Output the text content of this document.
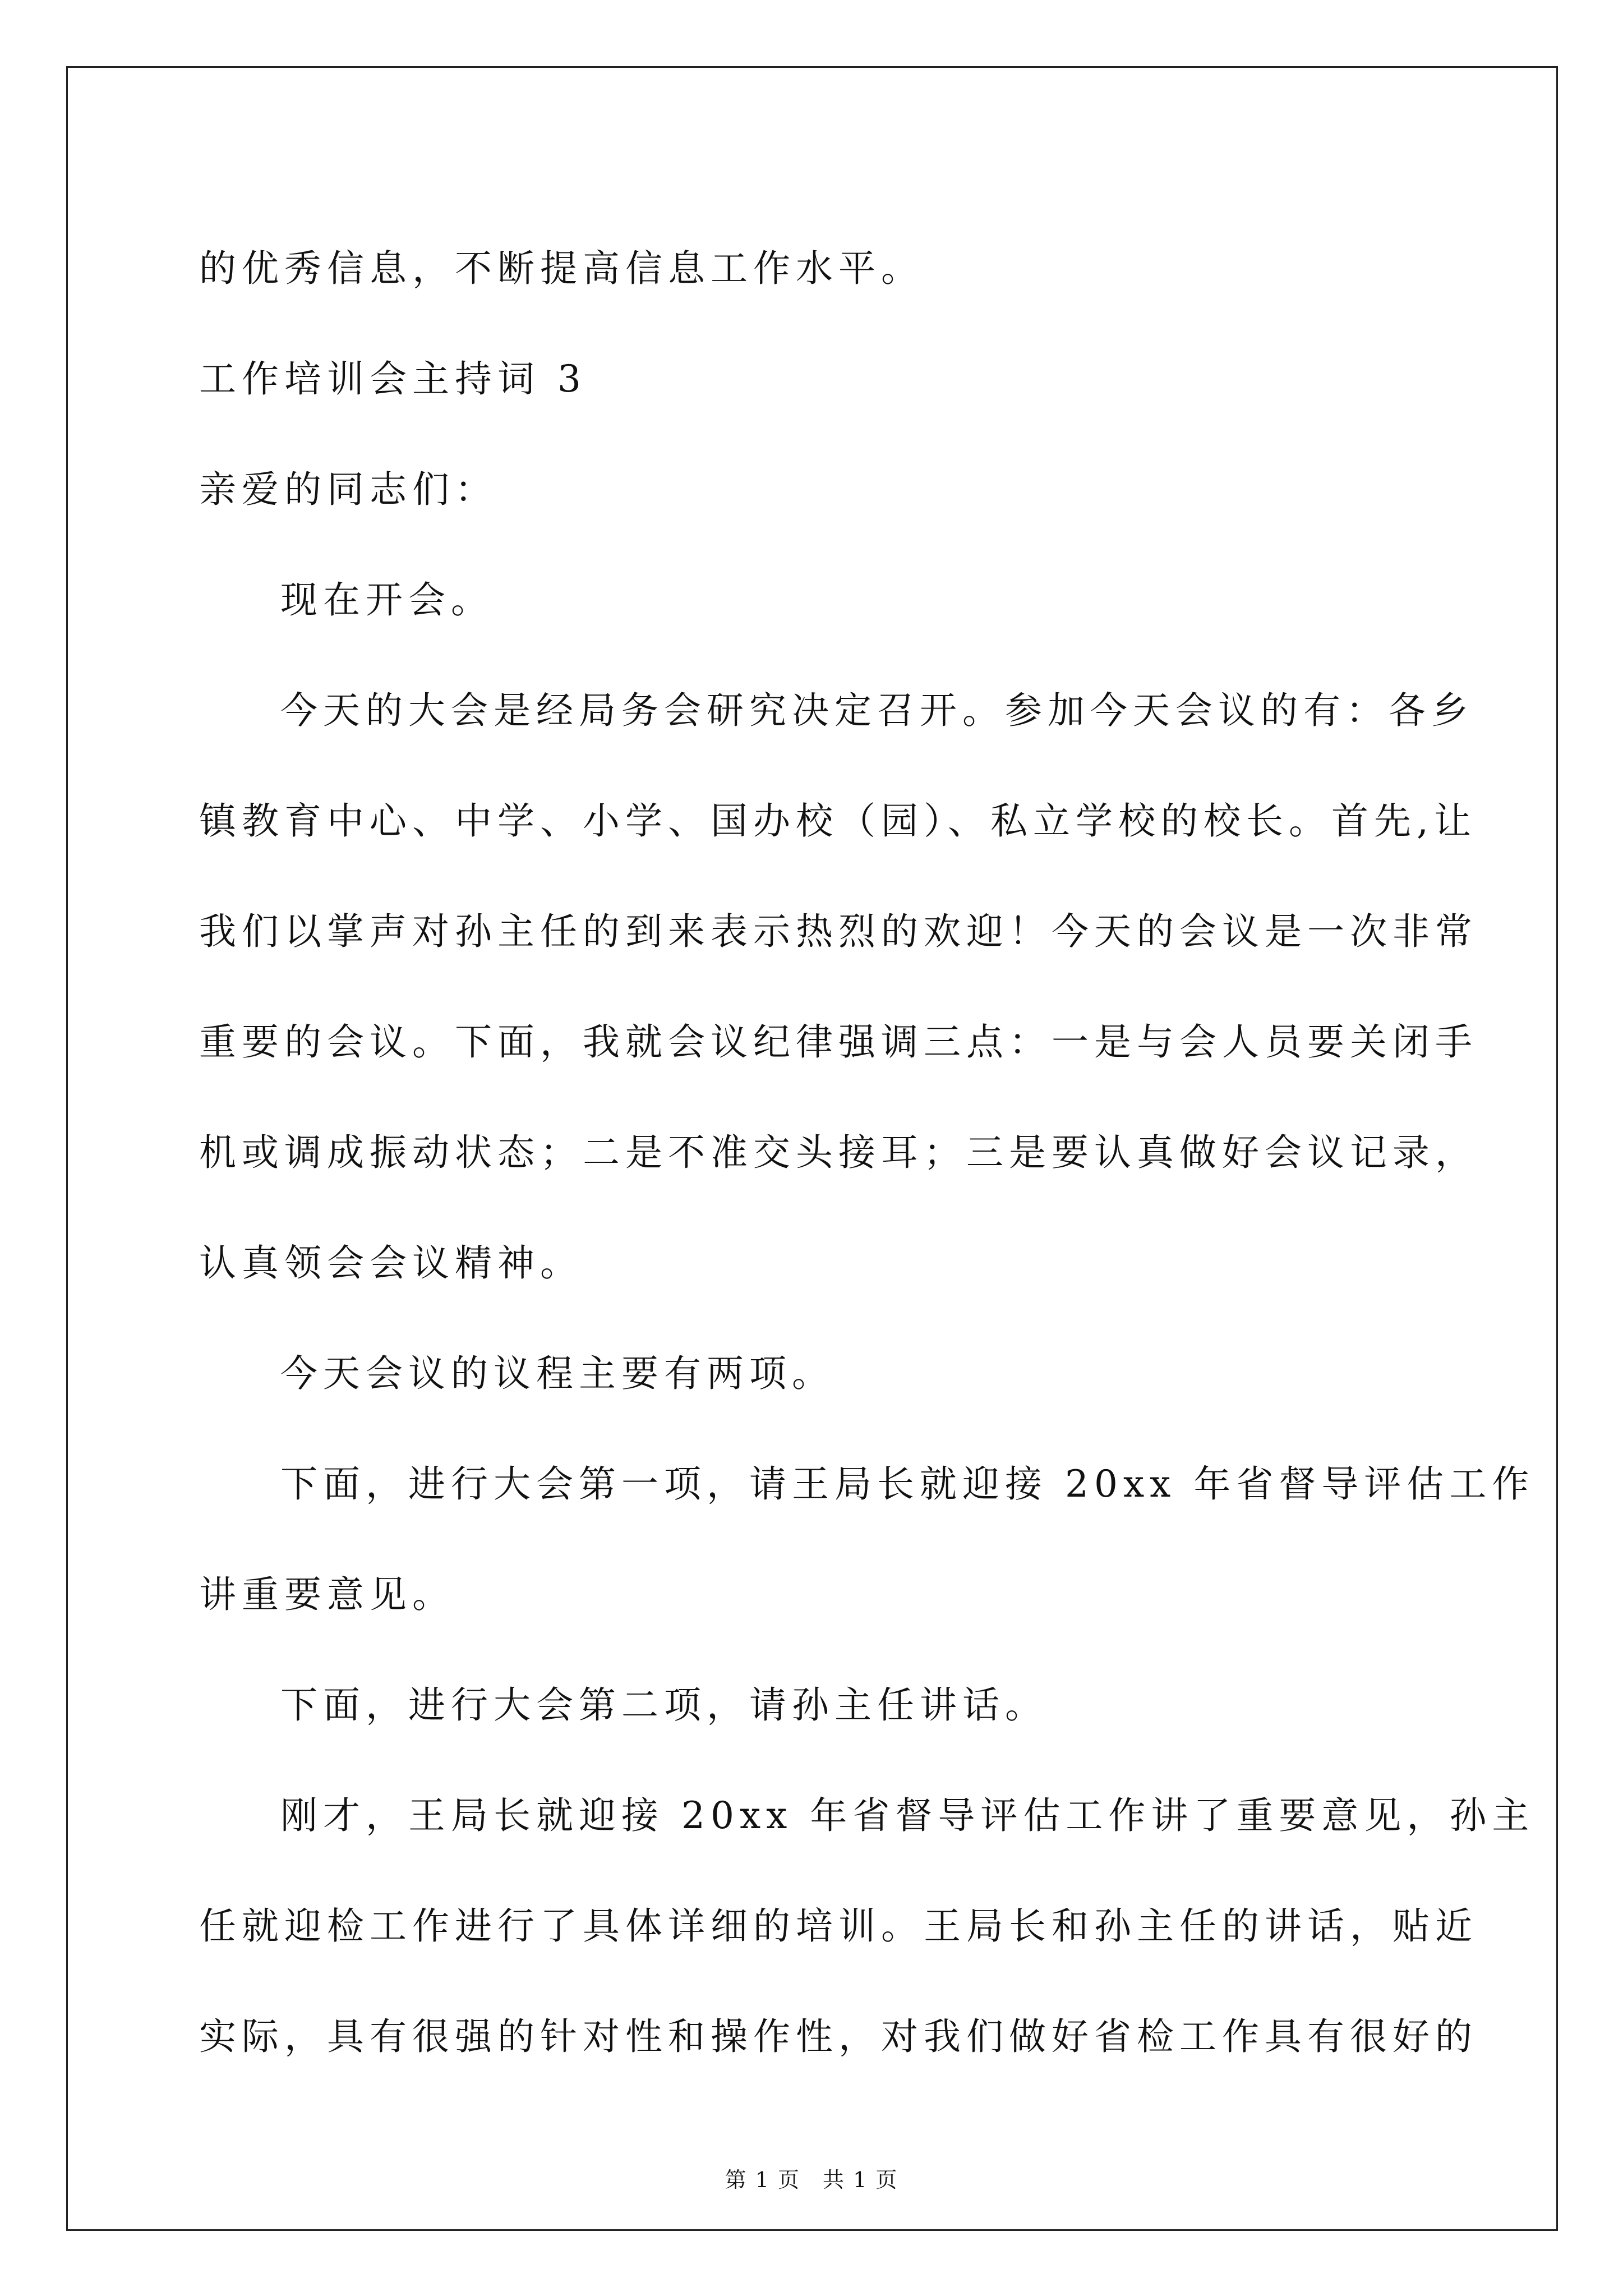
的优秀信息，不断提高信息工作水平。
工作培训会主持词 3
亲爱的同志们：
现在开会。
今天的大会是经局务会研究决定召开。参加今天会议的有：各乡
镇教育中心、中学、小学、国办校（园）、私立学校的校长。首先,让
我们以掌声对孙主任的到来表示热烈的欢迎！今天的会议是一次非常
重要的会议。下面，我就会议纪律强调三点：一是与会人员要关闭手
机或调成振动状态；二是不准交头接耳；三是要认真做好会议记录，
认真领会会议精神。
今天会议的议程主要有两项。
下面，进行大会第一项，请王局长就迎接 20xx 年省督导评估工作
讲重要意见。
下面，进行大会第二项，请孙主任讲话。
刚才，王局长就迎接 20xx 年省督导评估工作讲了重要意见，孙主
任就迎检工作进行了具体详细的培训。王局长和孙主任的讲话，贴近
实际，具有很强的针对性和操作性，对我们做好省检工作具有很好的
第 1 页　共 1 页
